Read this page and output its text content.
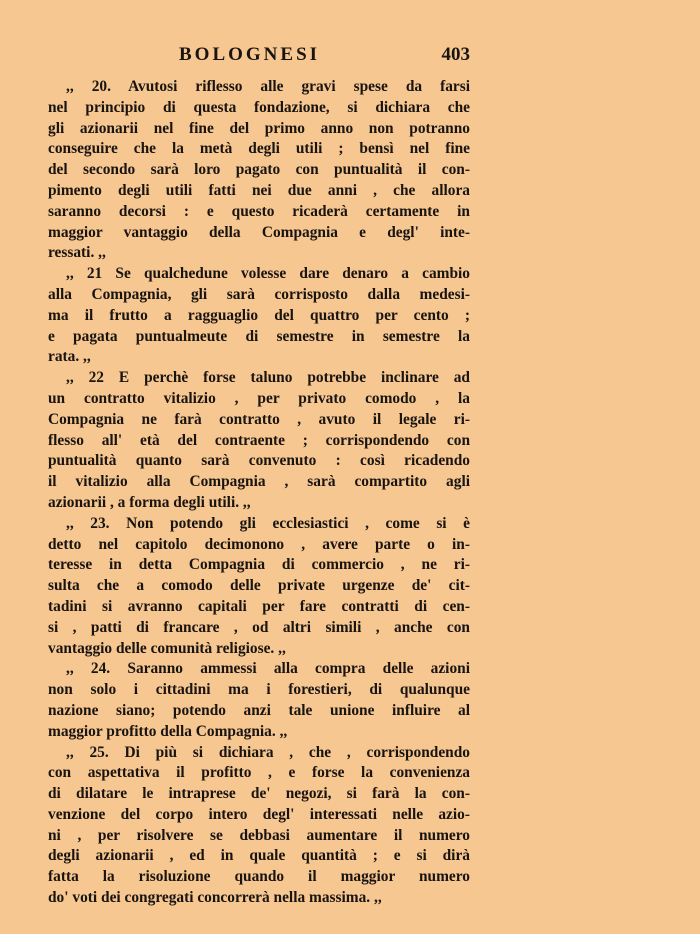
BOLOGNESI	403
,, 20. Avutosi riflesso alle gravi spese da farsi
nel principio di questa fondazione, si dichiara che
gli azionarii nel fine del primo anno non potranno
conseguire che la metà degli utili ; bensì nel fine
del secondo sarà loro pagato con puntualità il con-
pimento degli utili fatti nei due anni , che allora
saranno decorsi : e questo ricaderà certamente in
maggior vantaggio della Compagnia e degl' inte-
ressati. ,,
,, 21 Se qualchedune volesse dare denaro a cambio
alla Compagnia, gli sarà corrisposto dalla medesi-
ma il frutto a ragguaglio del quattro per cento ;
e pagata puntualmeute di semestre in semestre la
rata. ,,
,, 22 E perchè forse taluno potrebbe inclinare ad
un contratto vitalizio , per privato comodo , la
Compagnia ne farà contratto , avuto il legale ri-
flesso all' età del contraente ; corrispondendo con
puntualità quanto sarà convenuto : così ricadendo
il vitalizio alla Compagnia , sarà compartito agli
azionarii , a forma degli utili. ,,
,, 23. Non potendo gli ecclesiastici , come si è
detto nel capitolo decimonono , avere parte o in-
teresse in detta Compagnia di commercio , ne ri-
sulta che a comodo delle private urgenze de' cit-
tadini si avranno capitali per fare contratti di cen-
si , patti di francare , od altri simili , anche con
vantaggio delle comunità religiose. ,,
,, 24. Saranno ammessi alla compra delle azioni
non solo i cittadini ma i forestieri, di qualunque
nazione siano; potendo anzi tale unione influire al
maggior profitto della Compagnia. ,,
,, 25. Di più si dichiara , che , corrispondendo
con aspettativa il profitto , e forse la convenienza
di dilatare le intraprese de' negozi, si farà la con-
venzione del corpo intero degl' interessati nelle azio-
ni , per risolvere se debbasi aumentare il numero
degli azionarii , ed in quale quantità ; e si dirà
fatta la risoluzione quando il maggior numero
do' voti dei congregati concorrerà nella massima. ,,
